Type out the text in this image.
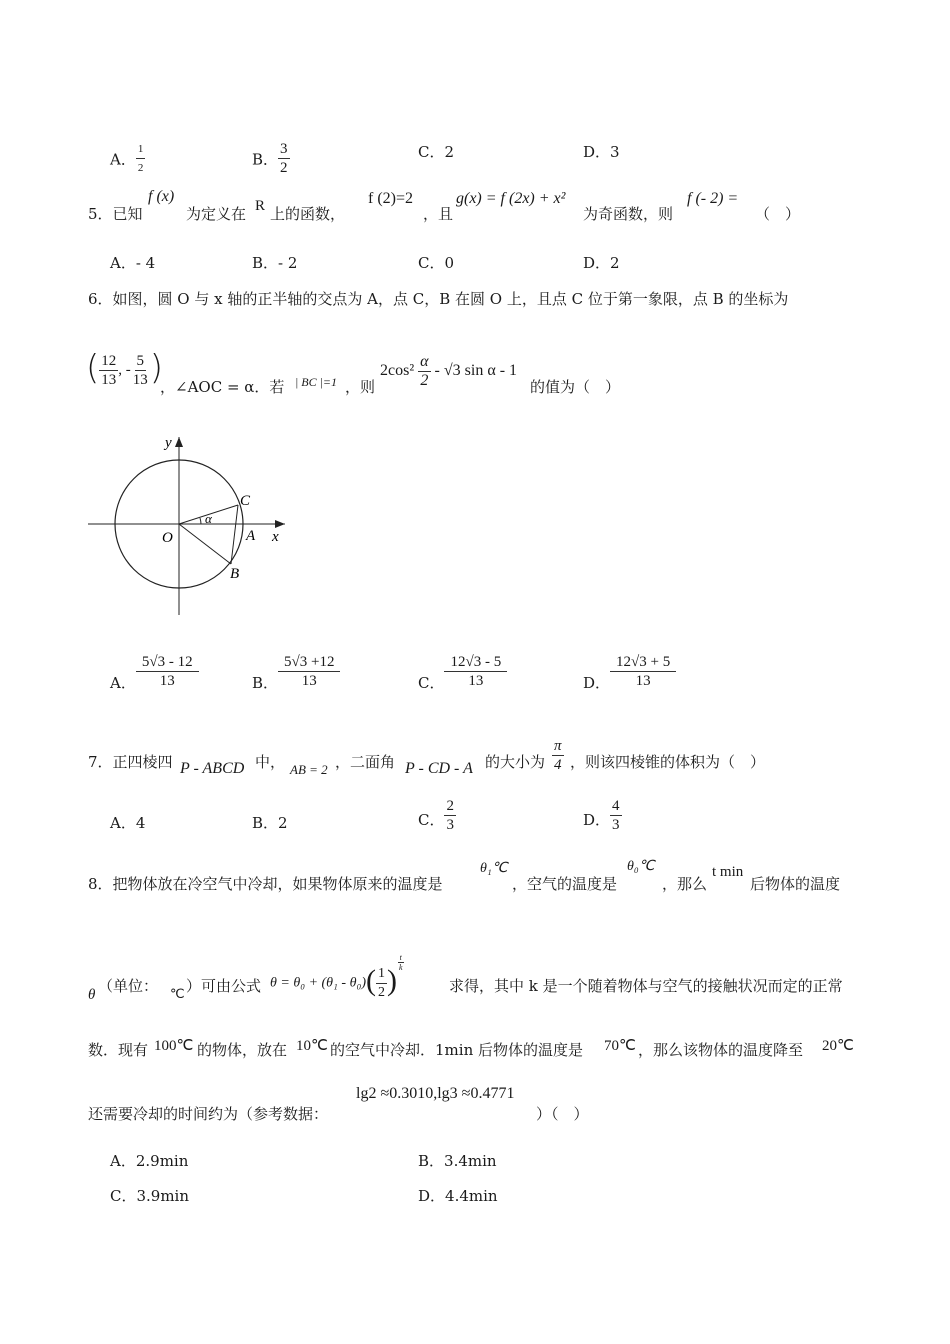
A． $\frac{1}{2}$	B． $\frac{3}{2}$	C．2	D．3
5．已知
f (x)
为定义在 R 上的函数，
f (2)=2
，且
g(x) = f (2x) + x²
为奇函数，则
f (- 2) =
（　）
A．- 4	B．- 2	C．0	D．2
6．如图，圆 O 与 x 轴的正半轴的交点为 A，点 C，B 在圆 O 上，且点 C 位于第一象限，点 B 的坐标为
( $\frac{12}{13}$ , - $\frac{5}{13}$ )
，∠AOC = α．若 | BC |=1 ，则
$2\cos^2 \frac{\alpha}{2} - √3$ sin α - 1
的值为（　）
y
x
O	A
B
C
α
A． $\frac{5√3 - 12}{13}$	B． $\frac{5√3 +12}{13}$	C． $\frac{12√3 - 5}{13}$	D． $\frac{12√3 + 5}{13}$
7．正四棱四 P - ABCD 中， AB = 2 ，二面角 P - CD - A 的大小为 $\frac{\pi}{4}$ ，则该四棱锥的体积为（　）
A．4	B．2	C． $\frac{2}{3}$	D． $\frac{4}{3}$
8．把物体放在冷空气中冷却，如果物体原来的温度是
θ₁℃
，空气的温度是
θ₀℃
，那么
t min
后物体的温度
θ （单位： ℃ ）可由公式 $\theta = \theta_0 + (\theta_1 - \theta_0)( \frac{1}{2}$ )
$\frac{t}{k}$
求得，其中 k 是一个随着物体与空气的接触状况而定的正常
数．现有 100℃ 的物体，放在 10℃ 的空气中冷却．1min 后物体的温度是 70℃ ，那么该物体的温度降至 20℃
还需要冷却的时间约为（参考数据：
lg2 ≈0.3010,lg3 ≈0.4771
）（　）
A．2.9min	B．3.4min
C．3.9min	D．4.4min
